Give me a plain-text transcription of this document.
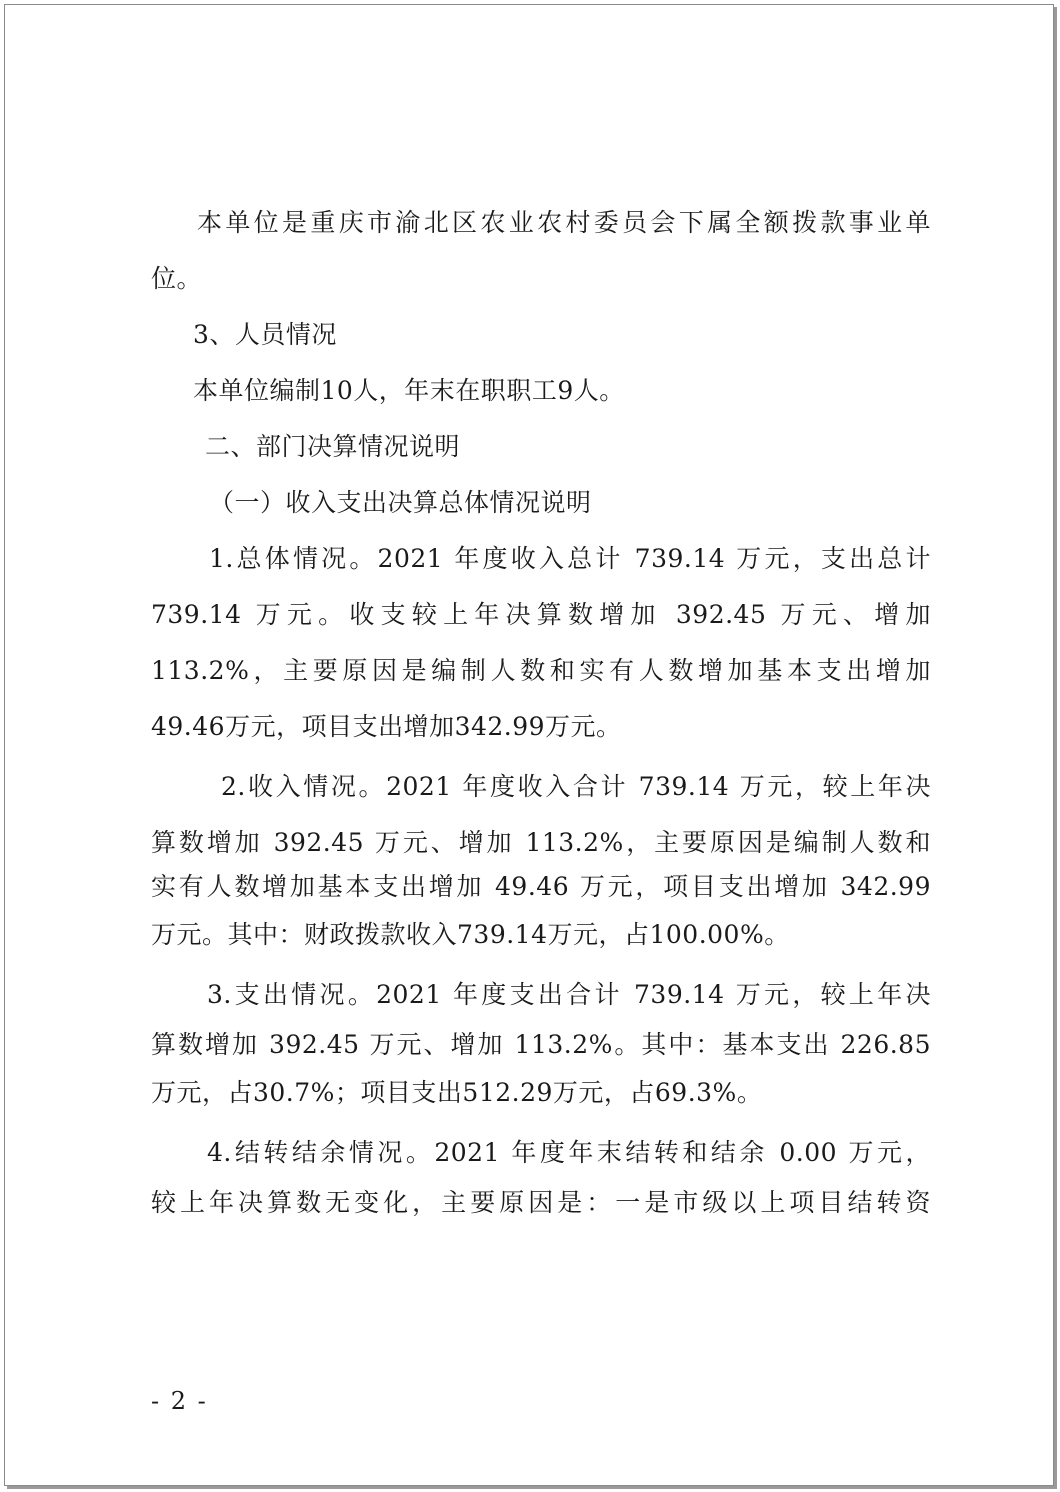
本单位是重庆市渝北区农业农村委员会下属全额拨款事业单
位。
3、人员情况
本单位编制10人，年末在职职工9人。
二、部门决算情况说明
（一）收入支出决算总体情况说明
1.总体情况。2021 年度收入总计 739.14 万元，支出总计
739.14 万元。收支较上年决算数增加 392.45 万元、增加
113.2%，主要原因是编制人数和实有人数增加基本支出增加
49.46万元，项目支出增加342.99万元。
2.收入情况。2021 年度收入合计 739.14 万元，较上年决
算数增加 392.45 万元、增加 113.2%，主要原因是编制人数和
实有人数增加基本支出增加 49.46 万元，项目支出增加 342.99
万元。其中：财政拨款收入739.14万元，占100.00%。
3.支出情况。2021 年度支出合计 739.14 万元，较上年决
算数增加 392.45 万元、增加 113.2%。其中：基本支出 226.85
万元，占30.7%；项目支出512.29万元，占69.3%。
4.结转结余情况。2021 年度年末结转和结余 0.00 万元，
较上年决算数无变化，主要原因是：一是市级以上项目结转资
- 2 -
